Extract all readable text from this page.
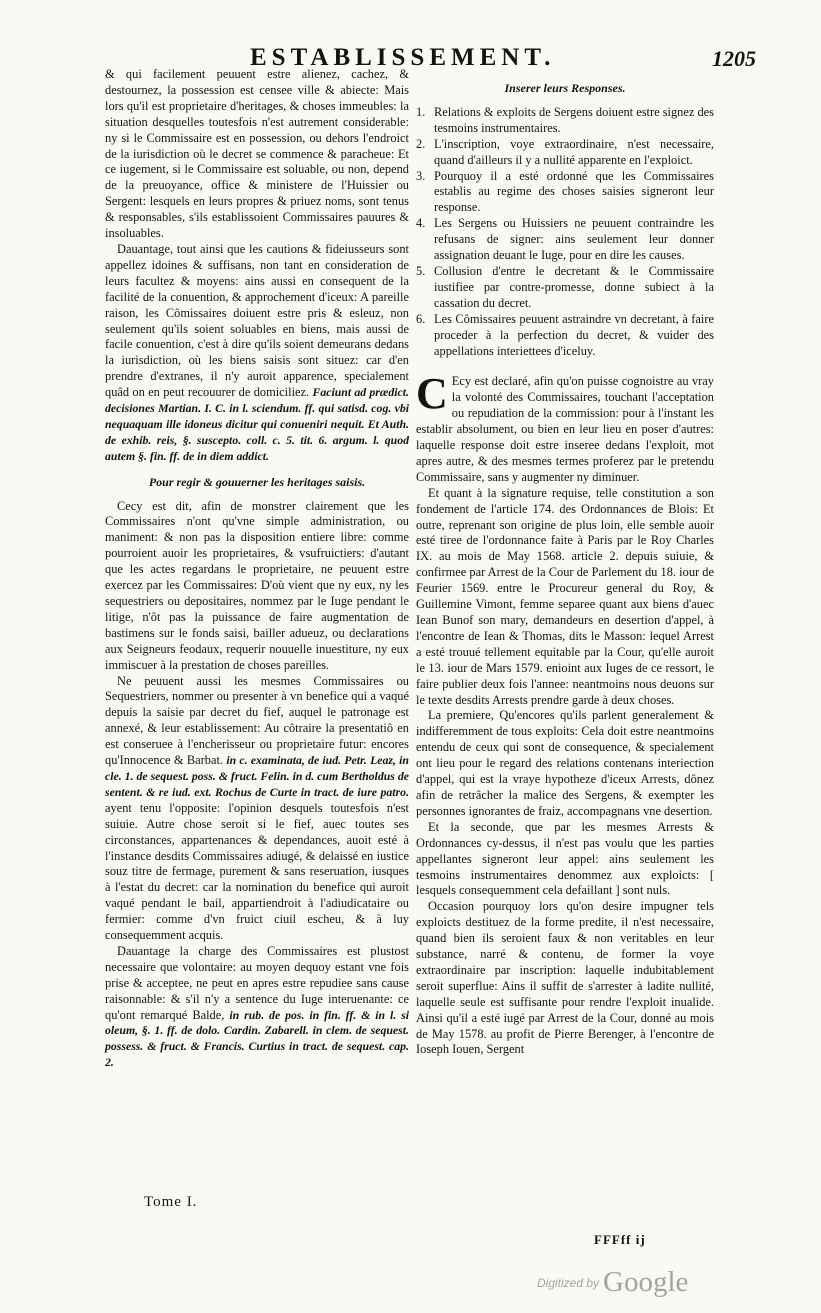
ESTABLISSEMENT.	1205

& qui facilement peuuent estre alienez, cachez, & destournez, la possession est censee ville & abiecte: Mais lors qu'il est proprietaire d'heritages, & choses immeubles: la situation desquelles toutesfois n'est autrement considerable: ny si le Commissaire est en possession, ou dehors l'endroict de la iurisdiction où le decret se commence & paracheue: Et ce iugement, si le Commissaire est soluable, ou non, depend de la preuoyance, office & ministere de l'Huissier ou Sergent: lesquels en leurs propres & priuez noms, sont tenus & responsables, s'ils establissoient Commissaires pauures & insoluables.

Dauantage, tout ainsi que les cautions & fideiusseurs sont appellez idoines & suffisans, non tant en consideration de leurs facultez & moyens: ains aussi en consequent de la facilité de la conuention, & approchement d'iceux: A pareille raison, les Cômissaires doiuent estre pris & esleuz, non seulement qu'ils soient soluables en biens, mais aussi de facile conuention, c'est à dire qu'ils soient demeurans dedans la iurisdiction, où les biens saisis sont situez: car d'en prendre d'extranes, il n'y auroit apparence, specialement quâd on en peut recouurer de domiciliez. Faciunt ad prædict. decisiones Martian. I. C. in l. sciendum. ff. qui satisd. cog. vbi nequaquam ille idoneus dicitur qui conueniri nequit. Et Auth. de exhib. reis, §. suscepto. coll. c. 5. tit. 6. argum. l. quod autem §. fin. ff. de in diem addict.

Pour regir & gouuerner les heritages saisis.

Cecy est dit, afin de monstrer clairement que les Commissaires n'ont qu'vne simple administration, ou maniment: & non pas la disposition entiere libre: comme pourroient auoir les proprietaires, & vsufruictiers: d'autant que les actes regardans le proprietaire, ne peuuent estre exercez par les Commissaires: D'où vient que ny eux, ny les sequestriers ou depositaires, nommez par le Iuge pendant le litige, n'ôt pas la puissance de faire augmentation de bastimens sur le fonds saisi, bailler adueuz, ou declarations aux Seigneurs feodaux, requerir nouuelle inuestiture, ny eux immiscuer à la prestation de choses pareilles.

Ne peuuent aussi les mesmes Commissaires ou Sequestriers, nommer ou presenter à vn benefice qui a vaqué depuis la saisie par decret du fief, auquel le patronage est annexé, & leur establissement: Au côtraire la presentatiô en est conseruee à l'encherisseur ou proprietaire futur: encores qu'Innocence & Barbat. in c. examinata, de iud. Petr. Leaz, in cle. 1. de sequest. poss. & fruct. Felin. in d. cum Bertholdus de sentent. & re iud. ext. Rochus de Curte in tract. de iure patro. ayent tenu l'opposite: l'opinion desquels toutesfois n'est suiuie. Autre chose seroit si le fief, auec toutes ses circonstances, appartenances & dependances, auoit esté à l'instance desdits Commissaires adiugé, & delaissé en iustice souz titre de fermage, purement & sans reseruation, iusques à l'estat du decret: car la nomination du benefice qui auroit vaqué pendant le bail, appartiendroit à l'adiudicataire ou fermier: comme d'vn fruict ciuil escheu, & à luy consequemment acquis.

Dauantage la charge des Commissaires est plustost necessaire que volontaire: au moyen dequoy estant vne fois prise & acceptee, ne peut en apres estre repudiee sans cause raisonnable: & s'il n'y a sentence du Iuge interuenante: ce qu'ont remarqué Balde, in rub. de pos. in fin. ff. & in l. si oleum, §. 1. ff. de dolo. Cardin. Zabarell. in clem. de sequest. possess. & fruct. & Francis. Curtius in tract. de sequest. cap. 2.

Inserer leurs Responses.
1. Relations & exploits de Sergens doiuent estre signez des tesmoins instrumentaires.
2. L'inscription, voye extraordinaire, n'est necessaire, quand d'ailleurs il y a nullité apparente en l'exploict.
3. Pourquoy il a esté ordonné que les Commissaires establis au regime des choses saisies signeront leur response.
4. Les Sergens ou Huissiers ne peuuent contraindre les refusans de signer: ains seulement leur donner assignation deuant le Iuge, pour en dire les causes.
5. Collusion d'entre le decretant & le Commissaire iustifiee par contre-promesse, donne subiect à la cassation du decret.
6. Les Cômissaires peuuent astraindre vn decretant, à faire proceder à la perfection du decret, & vuider des appellations interiettees d'iceluy.

C Ecy est declaré, afin qu'on puisse cognoistre au vray la volonté des Commissaires, touchant l'acceptation ou repudiation de la commission: pour à l'instant les establir absolument, ou bien en leur lieu en poser d'autres: laquelle response doit estre inseree dedans l'exploit, mot apres autre, & des mesmes termes proferez par le pretendu Commissaire, sans y augmenter ny diminuer.

Et quant à la signature requise, telle constitution a son fondement de l'article 174. des Ordonnances de Blois: Et outre, reprenant son origine de plus loin, elle semble auoir esté tiree de l'ordonnance faite à Paris par le Roy Charles IX. au mois de May 1568. article 2. depuis suiuie, & confirmee par Arrest de la Cour de Parlement du 18. iour de Feurier 1569. entre le Procureur general du Roy, & Guillemine Vimont, femme separee quant aux biens d'auec Iean Bunof son mary, demandeurs en desertion d'appel, à l'encontre de Iean & Thomas, dits le Masson: lequel Arrest a esté trouué tellement equitable par la Cour, qu'elle auroit le 13. iour de Mars 1579. enioint aux Iuges de ce ressort, le faire publier deux fois l'annee: neantmoins nous deuons sur le texte desdits Arrests prendre garde à deux choses.

La premiere, Qu'encores qu'ils parlent generalement & indifferemment de tous exploits: Cela doit estre neantmoins entendu de ceux qui sont de consequence, & specialement ont lieu pour le regard des relations contenans interiection d'appel, qui est la vraye hypotheze d'iceux Arrests, dônez afin de retrâcher la malice des Sergens, & exempter les personnes ignorantes de fraiz, accompagnans vne desertion.

Et la seconde, que par les mesmes Arrests & Ordonnances cy-dessus, il n'est pas voulu que les parties appellantes signeront leur appel: ains seulement les tesmoins instrumentaires denommez aux exploicts: [ lesquels consequemment cela defaillant ] sont nuls.

Occasion pourquoy lors qu'on desire impugner tels exploicts destituez de la forme predite, il n'est necessaire, quand bien ils seroient faux & non veritables en leur substance, narré & contenu, de former la voye extraordinaire par inscription: laquelle indubitablement seroit superflue: Ains il suffit de s'arrester à ladite nullité, laquelle seule est suffisante pour rendre l'exploit inualide. Ainsi qu'il a esté iugé par Arrest de la Cour, donné au mois de May 1578. au profit de Pierre Berenger, à l'encontre de Ioseph Iouen, Sergent

Tome I.
FFFff ij
$^{Digitized by}$ Google
